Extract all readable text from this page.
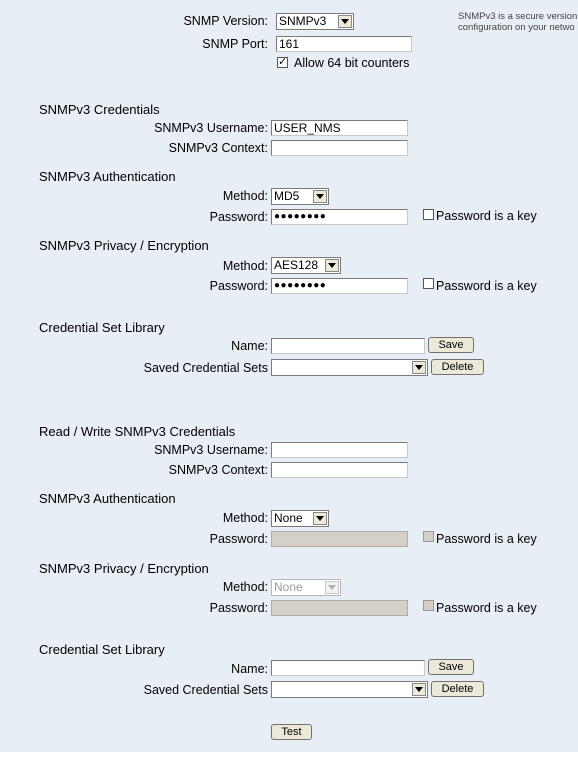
SNMP Version: SNMPv3	SNMPv3 is a secure version
configuration on your netwo
SNMP Port: 161
✓ Allow 64 bit counters
SNMPv3 Credentials
SNMPv3 Username: USER_NMS
SNMPv3 Context:
SNMPv3 Authentication
Method: MD5
Password: ●●●●●●●●	Password is a key
SNMPv3 Privacy / Encryption
Method: AES128
Password: ●●●●●●●●	Password is a key
Credential Set Library
Name:	Save
Saved Credential Sets	Delete
Read / Write SNMPv3 Credentials
SNMPv3 Username:
SNMPv3 Context:
SNMPv3 Authentication
Method: None
Password:	Password is a key
SNMPv3 Privacy / Encryption
Method: None
Password:	Password is a key
Credential Set Library
Name:	Save
Saved Credential Sets	Delete
Test
